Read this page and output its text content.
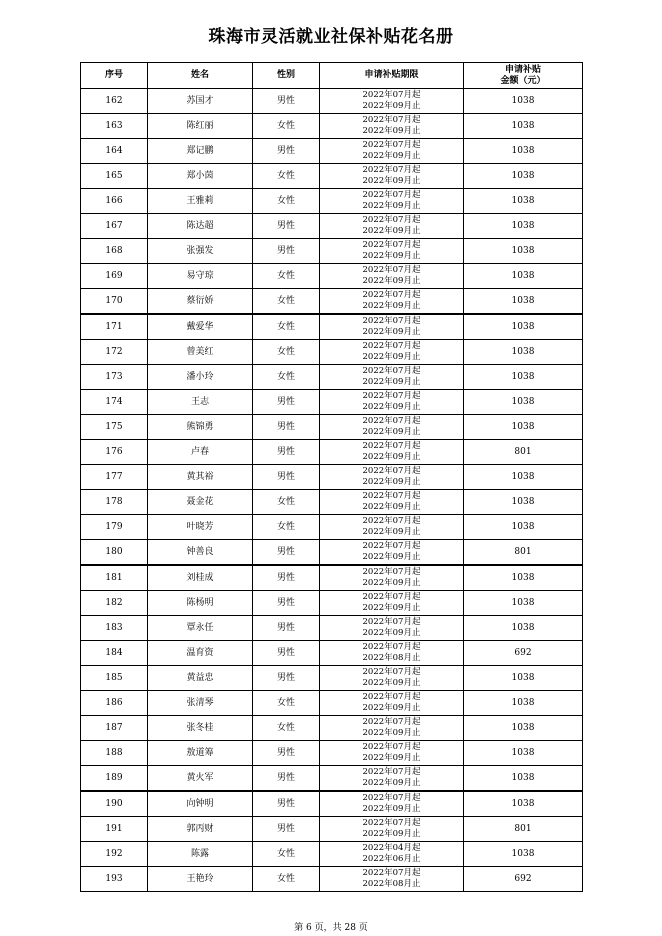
珠海市灵活就业社保补贴花名册
序号	姓名	性别	申请补贴期限	申请补贴
金额（元）

162	苏国才	男性	2022年07月起
2022年09月止	1038
163	陈红丽	女性	2022年07月起
2022年09月止	1038
164	郑记鹏	男性	2022年07月起
2022年09月止	1038
165	郑小茵	女性	2022年07月起
2022年09月止	1038
166	王雅莉	女性	2022年07月起
2022年09月止	1038
167	陈达超	男性	2022年07月起
2022年09月止	1038
168	张强发	男性	2022年07月起
2022年09月止	1038
169	易守琼	女性	2022年07月起
2022年09月止	1038
170	蔡衍娇	女性	2022年07月起
2022年09月止	1038
171	戴爱华	女性	2022年07月起
2022年09月止	1038
172	曾美红	女性	2022年07月起
2022年09月止	1038
173	潘小玲	女性	2022年07月起
2022年09月止	1038
174	王志	男性	2022年07月起
2022年09月止	1038
175	熊锦勇	男性	2022年07月起
2022年09月止	1038
176	卢春	男性	2022年07月起
2022年09月止	801
177	黄其裕	男性	2022年07月起
2022年09月止	1038
178	聂金花	女性	2022年07月起
2022年09月止	1038
179	叶晓芳	女性	2022年07月起
2022年09月止	1038
180	钟善良	男性	2022年07月起
2022年09月止	801
181	刘桂成	男性	2022年07月起
2022年09月止	1038
182	陈杨明	男性	2022年07月起
2022年09月止	1038
183	覃永任	男性	2022年07月起
2022年09月止	1038
184	温育资	男性	2022年07月起
2022年08月止	692
185	黄益忠	男性	2022年07月起
2022年09月止	1038
186	张清琴	女性	2022年07月起
2022年09月止	1038
187	张冬桂	女性	2022年07月起
2022年09月止	1038
188	敖道筹	男性	2022年07月起
2022年09月止	1038
189	黄火军	男性	2022年07月起
2022年09月止	1038
190	向钟明	男性	2022年07月起
2022年09月止	1038
191	郭丙财	男性	2022年07月起
2022年09月止	801
192	陈露	女性	2022年04月起
2022年06月止	1038
193	王艳玲	女性	2022年07月起
2022年08月止	692
第 6 页，共 28 页
